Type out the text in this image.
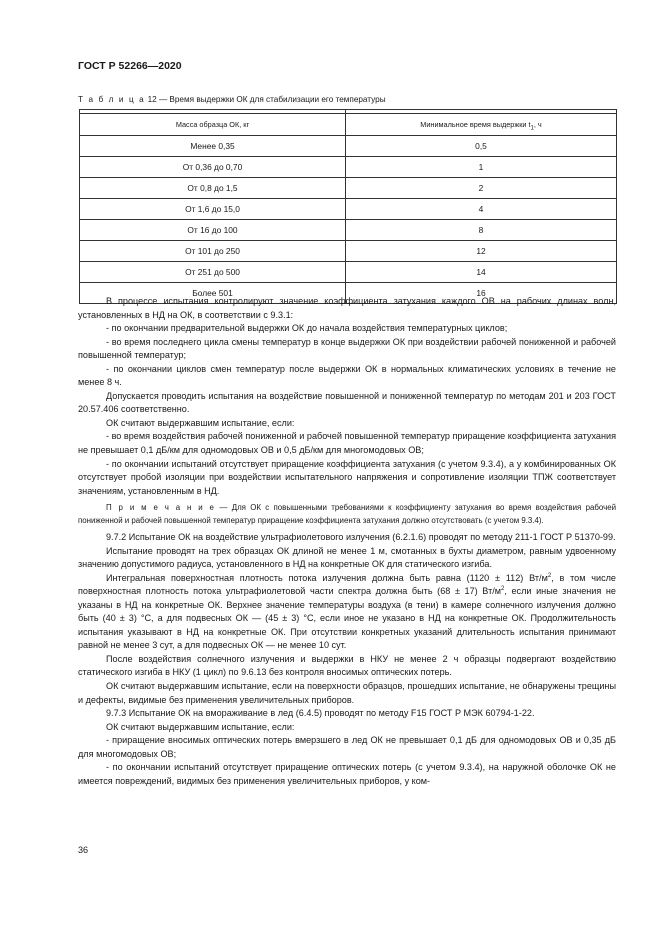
ГОСТ Р 52266—2020
Т а б л и ц а 12 — Время выдержки ОК для стабилизации его температуры

Масса образца ОК, кг	Минимальное время выдержки $t_1$, ч
Менее 0,35	0,5
От 0,36 до 0,70	1
От 0,8 до 1,5	2
От 1,6 до 15,0	4
От 16 до 100	8
От 101 до 250	12
От 251 до 500	14
Более 501	16

В процессе испытания контролируют значение коэффициента затухания каждого ОВ на рабочих длинах волн, установленных в НД на ОК, в соответствии с 9.3.1:

- по окончании предварительной выдержки ОК до начала воздействия температурных циклов;

- во время последнего цикла смены температур в конце выдержки ОК при воздействии рабочей пониженной и рабочей повышенной температур;

- по окончании циклов смен температур после выдержки ОК в нормальных климатических условиях в течение не менее 8 ч.

Допускается проводить испытания на воздействие повышенной и пониженной температур по методам 201 и 203 ГОСТ 20.57.406 соответственно.

ОК считают выдержавшим испытание, если:

- во время воздействия рабочей пониженной и рабочей повышенной температур приращение коэффициента затухания не превышает 0,1 дБ/км для одномодовых ОВ и 0,5 дБ/км для многомодовых ОВ;

- по окончании испытаний отсутствует приращение коэффициента затухания (с учетом 9.3.4), а у комбинированных ОК отсутствует пробой изоляции при воздействии испытательного напряжения и сопротивление изоляции ТПЖ соответствует значениям, установленным в НД.

П р и м е ч а н и е — Для ОК с повышенными требованиями к коэффициенту затухания во время воздействия рабочей пониженной и рабочей повышенной температур приращение коэффициента затухания должно отсутствовать (с учетом 9.3.4).

9.7.2 Испытание ОК на воздействие ультрафиолетового излучения (6.2.1.6) проводят по методу 211-1 ГОСТ Р 51370-99.

Испытание проводят на трех образцах ОК длиной не менее 1 м, смотанных в бухты диаметром, равным удвоенному значению допустимого радиуса, установленного в НД на конкретные ОК для статического изгиба.

Интегральная поверхностная плотность потока излучения должна быть равна (1120 ± 112) $Вт/м^2$, в том числе поверхностная плотность потока ультрафиолетовой части спектра должна быть (68 ± 17) $Вт/м^2$, если иные значения не указаны в НД на конкретные ОК. Верхнее значение температуры воздуха (в тени) в камере солнечного излучения должно быть (40 ± 3) °С, а для подвесных ОК — (45 ± 3) °С, если иное не указано в НД на конкретные ОК. Продолжительность испытания указывают в НД на конкретные ОК. При отсутствии конкретных указаний длительность испытания принимают равной не менее 3 сут, а для подвесных ОК — не менее 10 сут.

После воздействия солнечного излучения и выдержки в НКУ не менее 2 ч образцы подвергают воздействию статического изгиба в НКУ (1 цикл) по 9.6.13 без контроля вносимых оптических потерь.

ОК считают выдержавшим испытание, если на поверхности образцов, прошедших испытание, не обнаружены трещины и дефекты, видимые без применения увеличительных приборов.

9.7.3 Испытание ОК на вмораживание в лед (6.4.5) проводят по методу F15 ГОСТ Р МЭК 60794-1-22.

ОК считают выдержавшим испытание, если:

- приращение вносимых оптических потерь вмерзшего в лед ОК не превышает 0,1 дБ для одномодовых ОВ и 0,35 дБ для многомодовых ОВ;

- по окончании испытаний отсутствует приращение оптических потерь (с учетом 9.3.4), на наружной оболочке ОК не имеется повреждений, видимых без применения увеличительных приборов, у ком-

36
